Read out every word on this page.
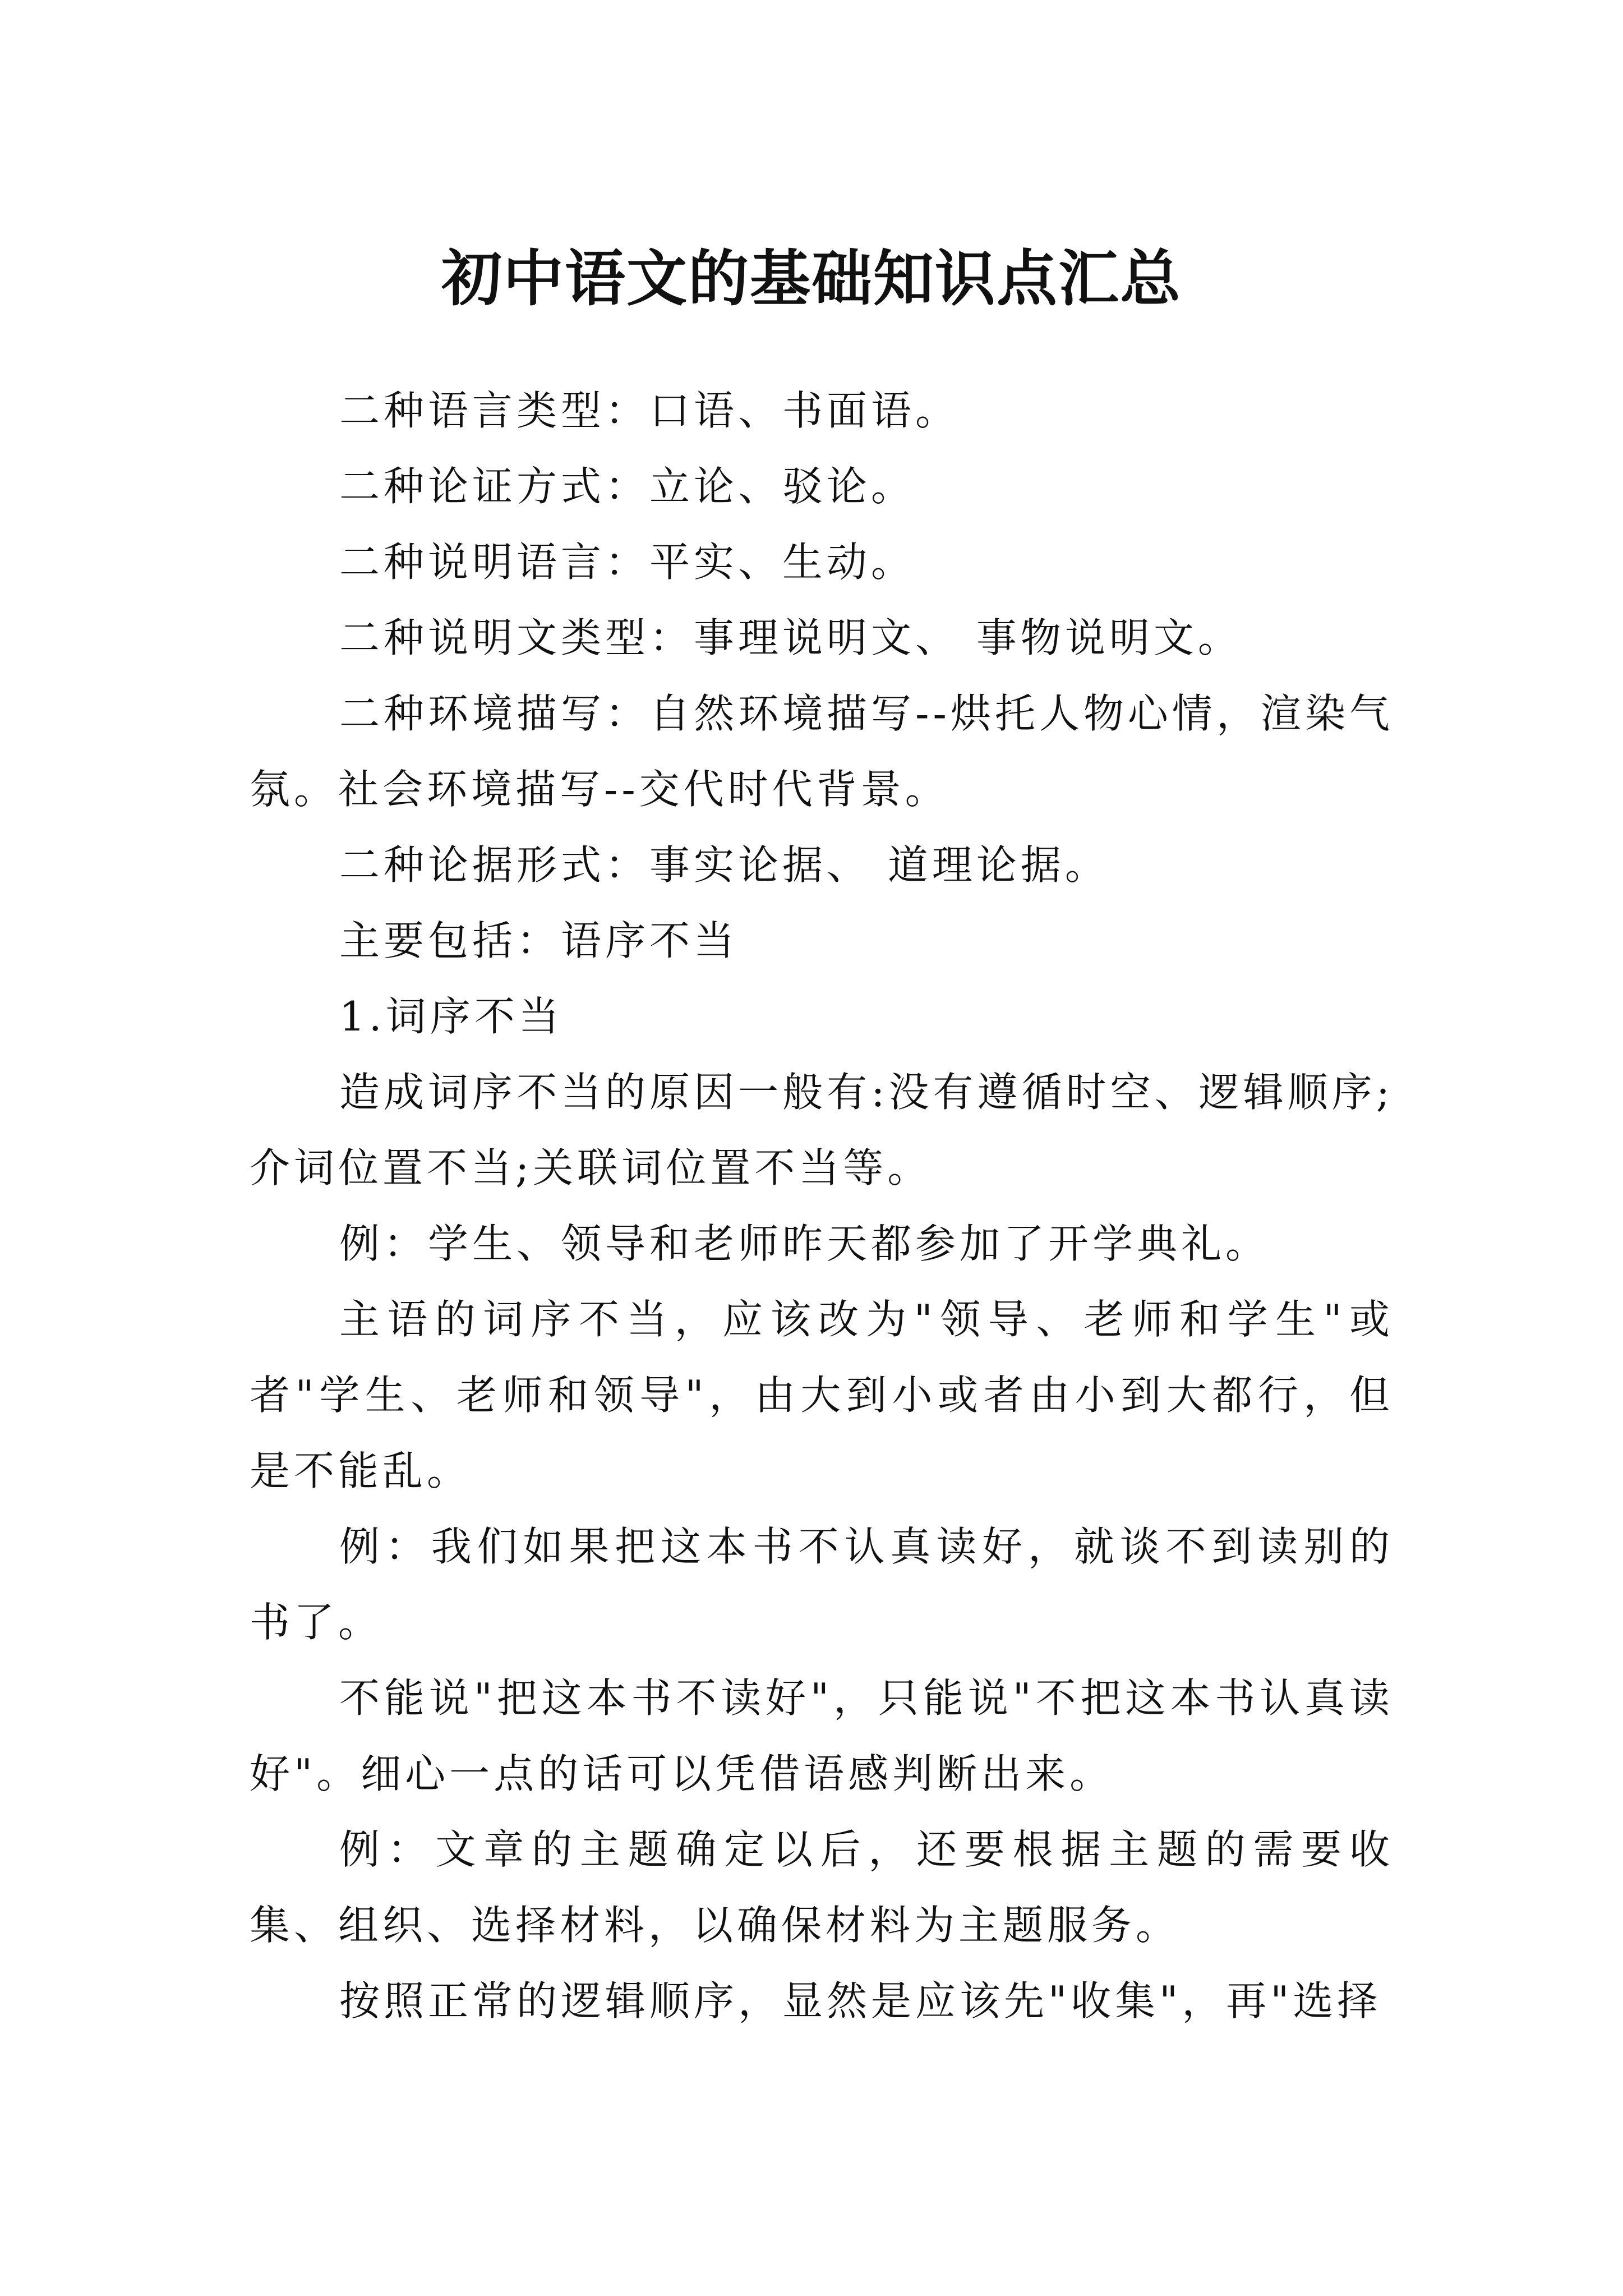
初中语文的基础知识点汇总

二种语言类型：口语、书面语。

二种论证方式：立论、驳论。

二种说明语言：平实、生动。

二种说明文类型：事理说明文、 事物说明文。

二种环境描写：自然环境描写--烘托人物心情，渲染气氛。社会环境描写--交代时代背景。

二种论据形式：事实论据、 道理论据。

主要包括：语序不当

1.词序不当

造成词序不当的原因一般有:没有遵循时空、逻辑顺序;介词位置不当;关联词位置不当等。

例：学生、领导和老师昨天都参加了开学典礼。

主语的词序不当，应该改为"领导、老师和学生"或者"学生、老师和领导"，由大到小或者由小到大都行，但是不能乱。

例：我们如果把这本书不认真读好，就谈不到读别的书了。

不能说"把这本书不读好"，只能说"不把这本书认真读好"。细心一点的话可以凭借语感判断出来。

例：文章的主题确定以后，还要根据主题的需要收集、组织、选择材料，以确保材料为主题服务。

按照正常的逻辑顺序，显然是应该先"收集"，再"选择
